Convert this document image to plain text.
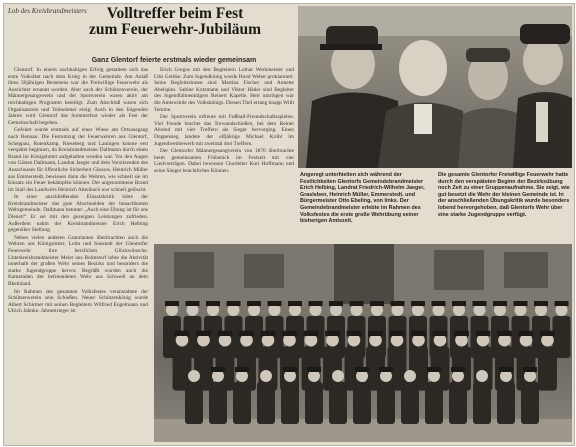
Lob des Kreisbrandmeisters	Volltreffer beim Fest
zum Feuerwehr-Jubiläum
Ganz Glentorf feierte erstmals wieder gemeinsam

Glentorf. In einem nachhaltigen Erfolg gestaltete sich das erste Volksfest nach dem Krieg in der Gemeinde. Am Anlaß ihres 50jährigen Bestehens war die Freiwillige Feuerwehr als Ausrichter ernannt worden. Aber auch der Schützenverein, der Männergesangverein und der Sportverein waren aktiv am reichhaltigen Programm beteiligt. Zum Abschluß waren sich Organisatoren und Teilnehmer einig: Auch in den folgenden Jahren wird Glentorf das Sommerfest wieder als Fest der Gemeinschaft begehen.

Gefeiert wurde erstmals auf einer Wiese am Ortsausgang nach Rennau. Die Festumzug der Feuerwehren aus Glentorf, Scheppau, Rotenkamp, Rieseberg und Lauingen konnte erst verspätet beginnen, da Kreisbrandmeister Dallmann durch einen Brand im Königslutter aufgehalten worden war. Vor den Augen von Gästen Dallmann, Landrat Jaeger und dem Vorsitzenden des Ausschusses für öffentliche Sicherheit Güssow, Heinrich Müller aus Emmerstedt, bewiesen dann die Wehren, wie schnell sie im Einsatz ein Feuer bekämpfen können. Der angenommene Brand im Stall des Landwirts Heinrich Altenbach war schnell gelöscht.

In einer anschließenden Einsatzkritik lobte der Kreisbrandmeister das gute Abschneiden der benachbarten Wehrgemeinde. Dallmann betonte: „Auch eine Übung ist für uns Dienst!“ Er sei mit den gezeigten Leistungen zufrieden. Außerdem nahm der Kreisbrandmeister Erich Helbing gegenüber Stellung.

Neben vielen anderen Gratulanten überbrachten auch die Wehren aus Königslutter, Lelm und Sunstedt der Glentorfer Feuerwehr ihre herzlichen Glückwünsche. Unterkreisbrandmeister Meier aus Boimstorf lobte die Aktivität innerhalb der großen Wehr seines Bezirks und besonders die starke Jugendgruppe hervor. Begrüßt wurden auch die Kameraden der befreundeten Wehr aus Schwedt an dem Rheinland.

Im Rahmen des gesamten Volksfestes veranstaltete der Schützenverein sein Schießen. Neuer Schützenkönig wurde Albert Schirmer mit seinen Begleitern Wilfried Engelmann und Ulrich Jahnke. Jahnestrieger ist

Erich Gregus mit den Begleitern Lothar Werkmeister und Udo Gethke. Zum Jugendkönig wurde Horst Weber proklamiert. Seine Begleiterinnen sind Martina Fischer und Annette Abelspies. Sabine Kotzmann und Viktor Häder sind Begleiter des Jugendfahnenträgers Reinert Kapelle. Herr umringen war die Amtswürde des Volkskönigs. Diesen Titel errang knapp Willi Temme.

Der Sportverein erfreute mit Fußball-Freundschaftsspielen. Viel Freude brachte das Torwandschießen, bei dem Reiner Ahrend mit vier Treffern als Sieger hervorging. Einen Doppelsieg landete der elfjährige Michael Kröhl im Jugendwettbewerb mit zweimal drei Treffern.

Der Glentorfer Männergesangverein von 1870 überbrachte beim gemeinsamen Frühstück im Festzelt mit vier Liedvorträgen. Dabei bewiesen Chorleiter Kurt Hoffmann und seine Sänger beachtliches Können.

Angeregt unterhielten sich während der Festlichkeiten Glentorfs Gemeindebrandmeister Erich Helbing, Landrat Friedrich-Wilhelm Jaeger, Grasleben, Heinrich Müller, Emmerstedt, und Bürgermeister Otto Ebeling, von links. Der Gemeindebrandmeister erlebte im Rahmen des Volksfestes die erste große Wehrübung seiner bisherigen Amtszeit.
Die gesamte Glentorfer Freiwillige Feuerwehr hatte durch den verspäteten Beginn der Bezirksübung noch Zeit zu einer Gruppenaufnahme. Sie zeigt, wie gut besetzt die Wehr der kleinen Gemeinde ist. In der anschließenden Übungskritik wurde besonders lobend hervorgehoben, daß Glentorfs Wehr über eine starke Jugendgruppe verfügt.
